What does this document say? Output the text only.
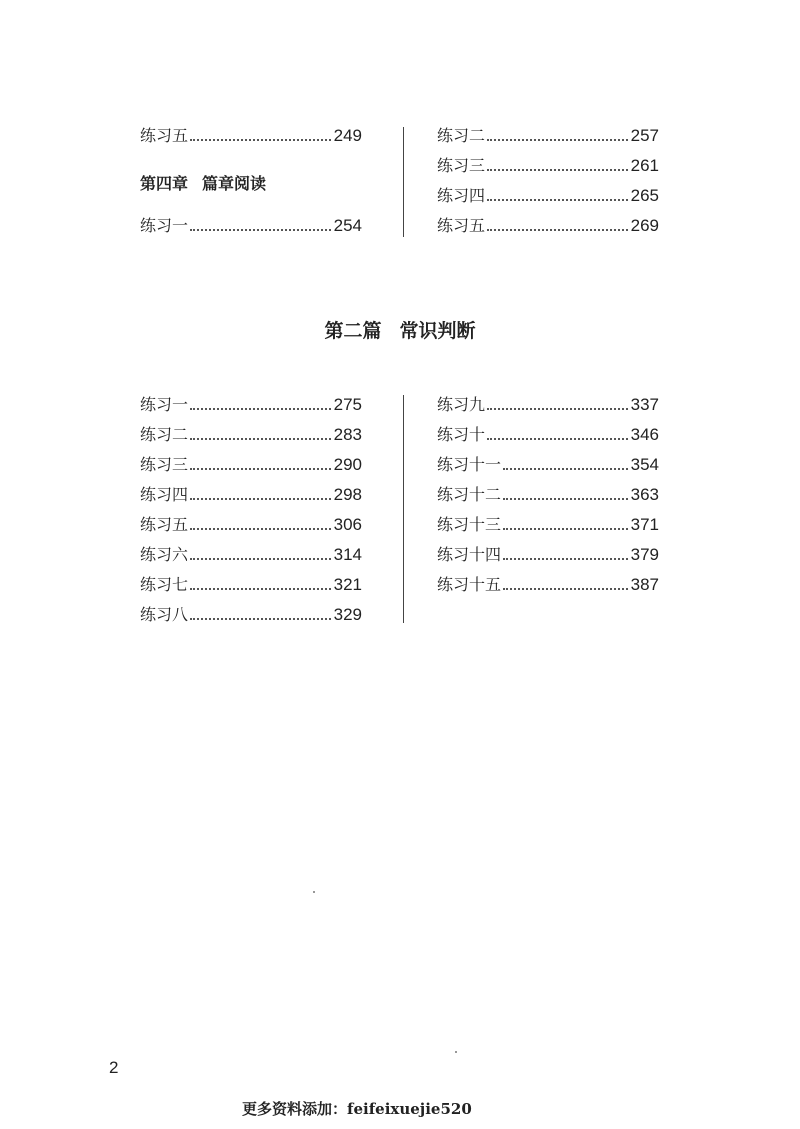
练习五	249
第四章 篇章阅读
练习一	254
练习二	257
练习三	261
练习四	265
练习五	269
第二篇 常识判断
练习一	275
练习二	283
练习三	290
练习四	298
练习五	306
练习六	314
练习七	321
练习八	329
练习九	337
练习十	346
练习十一	354
练习十二	363
练习十三	371
练习十四	379
练习十五	387
2
更多资料添加：feifeixuejie520
